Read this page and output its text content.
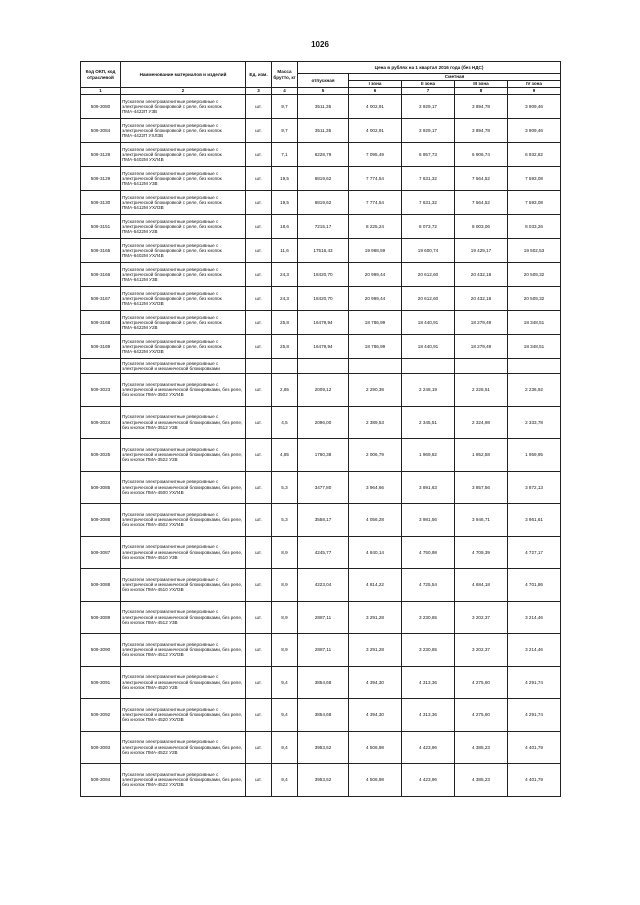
1026
Код ОКП, код отраслевой	Наименование материалов и изделий	Ед. изм.	Масса брутто, кг	Цена в рублях на 1 квартал 2016 года (без НДС)				
				отпускная	Сметная			
					I зона	II зона	III зона	IV зона
1	2	3	4	5	6	7	8	9
509-3080	Пускатели электромагнитные реверсивные с электрической блокировкой с реле, без кнопок ПМА-4422П У3В	шт.	9,7	3511,35	4 002,91	3 929,17	3 894,78	3 909,46
509-3084	Пускатели электромагнитные реверсивные с электрической блокировкой с реле, без кнопок ПМА-4422П УХЛ3В	шт.	9,7	3511,35	4 002,91	3 929,17	3 894,78	3 909,46
509-3128	Пускатели электромагнитные реверсивные с электрической блокировкой с реле, без кнопок ПМА-5402М УХЛ4В	шт.	7,1	6228,79	7 095,49	6 957,73	6 906,74	6 932,82
509-3129	Пускатели электромагнитные реверсивные с электрической блокировкой с реле, без кнопок ПМА-5412М У3В	шт.	19,5	6819,62	7 774,54	7 631,32	7 564,52	7 593,08
509-3130	Пускатели электромагнитные реверсивные с электрической блокировкой с реле, без кнопок ПМА-5412М УХЛ3В	шт.	19,5	6819,62	7 774,54	7 631,32	7 564,52	7 593,08
509-3151	Пускатели электромагнитные реверсивные с электрической блокировкой с реле, без кнопок ПМА-5422М У2В	шт.	18,6	7215,17	8 225,24	8 073,72	8 003,06	8 033,26
509-3165	Пускатели электромагнитные реверсивные с электрической блокировкой с реле, без кнопок ПМА-6402М УХЛ4В	шт.	11,6	17516,43	19 968,59	19 600,74	19 429,17	19 502,53
509-3166	Пускатели электромагнитные реверсивные с электрической блокировкой с реле, без кнопок ПМА-6412М У3В	шт.	24,3	18420,70	20 999,44	20 612,60	20 432,18	20 509,32
509-3167	Пускатели электромагнитные реверсивные с электрической блокировкой с реле, без кнопок ПМА-6412М УХЛ3В	шт.	24,3	18420,70	20 999,44	20 612,60	20 432,18	20 509,32
509-3168	Пускатели электромагнитные реверсивные с электрической блокировкой с реле, без кнопок ПМА-6422М У2В	шт.	25,8	16479,94	18 786,99	18 440,91	18 279,49	18 348,51
509-3169	Пускатели электромагнитные реверсивные с электрической блокировкой с реле, без кнопок ПМА-6422М УХЛ3В	шт.	25,8	16479,94	18 786,99	18 440,91	18 279,49	18 348,51
	Пускатели электромагнитные реверсивные с электрической и механической блокировками							
509-3023	Пускатели электромагнитные реверсивные с электрической и механической блокировками, без реле, без кнопок ПМА-3502 УХЛ4В	шт.	2,65	2009,12	2 290,38	2 248,19	2 228,51	2 236,92
509-3024	Пускатели электромагнитные реверсивные с электрической и механической блокировками, без реле, без кнопок ПМА-3512 У3В	шт.	4,5	2096,00	2 389,53	2 345,51	2 324,98	2 333,78
509-3025	Пускатели электромагнитные реверсивные с электрической и механической блокировками, без реле, без кнопок ПМА-3522 У2В	шт.	4,85	1760,38	2 006,79	1 969,82	1 952,58	1 959,95
509-3085	Пускатели электромагнитные реверсивные с электрической и механической блокировками, без реле, без кнопок ПМА-4500 УХЛ4В	шт.	5,3	3477,80	3 964,66	3 891,63	3 857,56	3 872,13
509-3086	Пускатели электромагнитные реверсивные с электрической и механической блокировками, без реле, без кнопок ПМА-4502 УХЛ4В	шт.	5,3	3558,17	4 056,28	3 981,56	3 946,71	3 961,61
509-3087	Пускатели электромагнитные реверсивные с электрической и механической блокировками, без реле, без кнопок ПМА-4510 У3В	шт.	8,9	4245,77	4 840,14	4 750,98	4 709,39	4 727,17
509-3088	Пускатели электромагнитные реверсивные с электрической и механической блокировками, без реле, без кнопок ПМА-4510 УХЛ3В	шт.	8,9	4223,04	4 814,22	4 725,54	4 684,18	4 701,86
509-3089	Пускатели электромагнитные реверсивные с электрической и механической блокировками, без реле, без кнопок ПМА-4512 У3В	шт.	8,9	2887,11	3 291,28	3 230,65	3 202,37	3 214,46
509-3090	Пускатели электромагнитные реверсивные с электрической и механической блокировками, без реле, без кнопок ПМА-4512 УХЛ3В	шт.	8,9	2887,11	3 291,28	3 230,65	3 202,37	3 214,46
509-3091	Пускатели электромагнитные реверсивные с электрической и механической блокировками, без реле, без кнопок ПМА-4520 У2В	шт.	9,4	3854,68	4 394,30	4 313,36	4 275,60	4 291,74
509-3092	Пускатели электромагнитные реверсивные с электрической и механической блокировками, без реле, без кнопок ПМА-4520 УХЛ3В	шт.	9,4	3854,68	4 394,30	4 313,36	4 275,60	4 291,74
509-3093	Пускатели электромагнитные реверсивные с электрической и механической блокировками, без реле, без кнопок ПМА-4522 У2В	шт.	9,4	3953,52	4 506,98	4 423,96	4 385,23	4 401,79
509-3094	Пускатели электромагнитные реверсивные с электрической и механической блокировками, без реле, без кнопок ПМА-4522 УХЛ3В	шт.	9,4	3953,52	4 506,98	4 423,96	4 385,23	4 401,79
